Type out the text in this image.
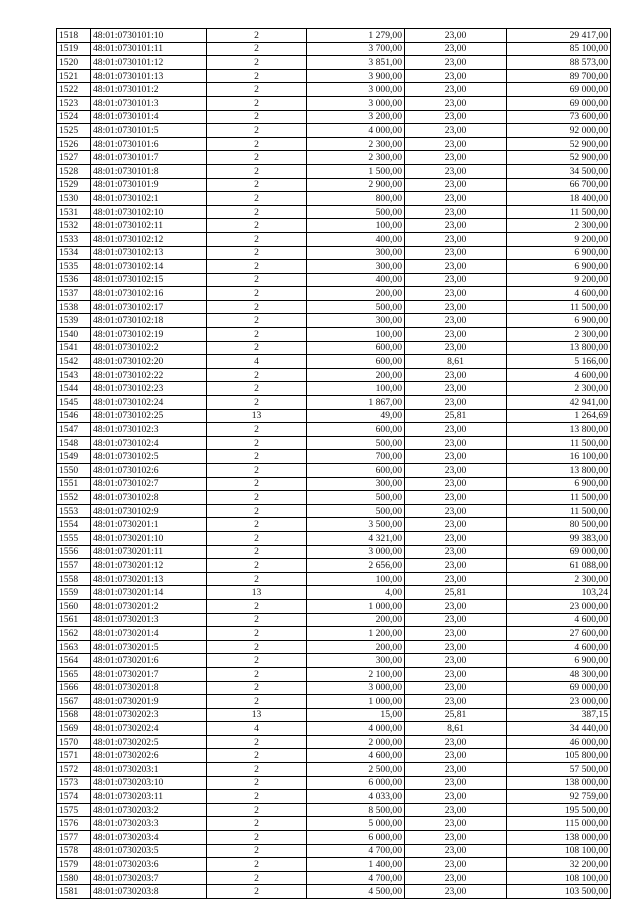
1518	48:01:0730101:10	2	1 279,00	23,00	29 417,00
1519	48:01:0730101:11	2	3 700,00	23,00	85 100,00
1520	48:01:0730101:12	2	3 851,00	23,00	88 573,00
1521	48:01:0730101:13	2	3 900,00	23,00	89 700,00
1522	48:01:0730101:2	2	3 000,00	23,00	69 000,00
1523	48:01:0730101:3	2	3 000,00	23,00	69 000,00
1524	48:01:0730101:4	2	3 200,00	23,00	73 600,00
1525	48:01:0730101:5	2	4 000,00	23,00	92 000,00
1526	48:01:0730101:6	2	2 300,00	23,00	52 900,00
1527	48:01:0730101:7	2	2 300,00	23,00	52 900,00
1528	48:01:0730101:8	2	1 500,00	23,00	34 500,00
1529	48:01:0730101:9	2	2 900,00	23,00	66 700,00
1530	48:01:0730102:1	2	800,00	23,00	18 400,00
1531	48:01:0730102:10	2	500,00	23,00	11 500,00
1532	48:01:0730102:11	2	100,00	23,00	2 300,00
1533	48:01:0730102:12	2	400,00	23,00	9 200,00
1534	48:01:0730102:13	2	300,00	23,00	6 900,00
1535	48:01:0730102:14	2	300,00	23,00	6 900,00
1536	48:01:0730102:15	2	400,00	23,00	9 200,00
1537	48:01:0730102:16	2	200,00	23,00	4 600,00
1538	48:01:0730102:17	2	500,00	23,00	11 500,00
1539	48:01:0730102:18	2	300,00	23,00	6 900,00
1540	48:01:0730102:19	2	100,00	23,00	2 300,00
1541	48:01:0730102:2	2	600,00	23,00	13 800,00
1542	48:01:0730102:20	4	600,00	8,61	5 166,00
1543	48:01:0730102:22	2	200,00	23,00	4 600,00
1544	48:01:0730102:23	2	100,00	23,00	2 300,00
1545	48:01:0730102:24	2	1 867,00	23,00	42 941,00
1546	48:01:0730102:25	13	49,00	25,81	1 264,69
1547	48:01:0730102:3	2	600,00	23,00	13 800,00
1548	48:01:0730102:4	2	500,00	23,00	11 500,00
1549	48:01:0730102:5	2	700,00	23,00	16 100,00
1550	48:01:0730102:6	2	600,00	23,00	13 800,00
1551	48:01:0730102:7	2	300,00	23,00	6 900,00
1552	48:01:0730102:8	2	500,00	23,00	11 500,00
1553	48:01:0730102:9	2	500,00	23,00	11 500,00
1554	48:01:0730201:1	2	3 500,00	23,00	80 500,00
1555	48:01:0730201:10	2	4 321,00	23,00	99 383,00
1556	48:01:0730201:11	2	3 000,00	23,00	69 000,00
1557	48:01:0730201:12	2	2 656,00	23,00	61 088,00
1558	48:01:0730201:13	2	100,00	23,00	2 300,00
1559	48:01:0730201:14	13	4,00	25,81	103,24
1560	48:01:0730201:2	2	1 000,00	23,00	23 000,00
1561	48:01:0730201:3	2	200,00	23,00	4 600,00
1562	48:01:0730201:4	2	1 200,00	23,00	27 600,00
1563	48:01:0730201:5	2	200,00	23,00	4 600,00
1564	48:01:0730201:6	2	300,00	23,00	6 900,00
1565	48:01:0730201:7	2	2 100,00	23,00	48 300,00
1566	48:01:0730201:8	2	3 000,00	23,00	69 000,00
1567	48:01:0730201:9	2	1 000,00	23,00	23 000,00
1568	48:01:0730202:3	13	15,00	25,81	387,15
1569	48:01:0730202:4	4	4 000,00	8,61	34 440,00
1570	48:01:0730202:5	2	2 000,00	23,00	46 000,00
1571	48:01:0730202:6	2	4 600,00	23,00	105 800,00
1572	48:01:0730203:1	2	2 500,00	23,00	57 500,00
1573	48:01:0730203:10	2	6 000,00	23,00	138 000,00
1574	48:01:0730203:11	2	4 033,00	23,00	92 759,00
1575	48:01:0730203:2	2	8 500,00	23,00	195 500,00
1576	48:01:0730203:3	2	5 000,00	23,00	115 000,00
1577	48:01:0730203:4	2	6 000,00	23,00	138 000,00
1578	48:01:0730203:5	2	4 700,00	23,00	108 100,00
1579	48:01:0730203:6	2	1 400,00	23,00	32 200,00
1580	48:01:0730203:7	2	4 700,00	23,00	108 100,00
1581	48:01:0730203:8	2	4 500,00	23,00	103 500,00
